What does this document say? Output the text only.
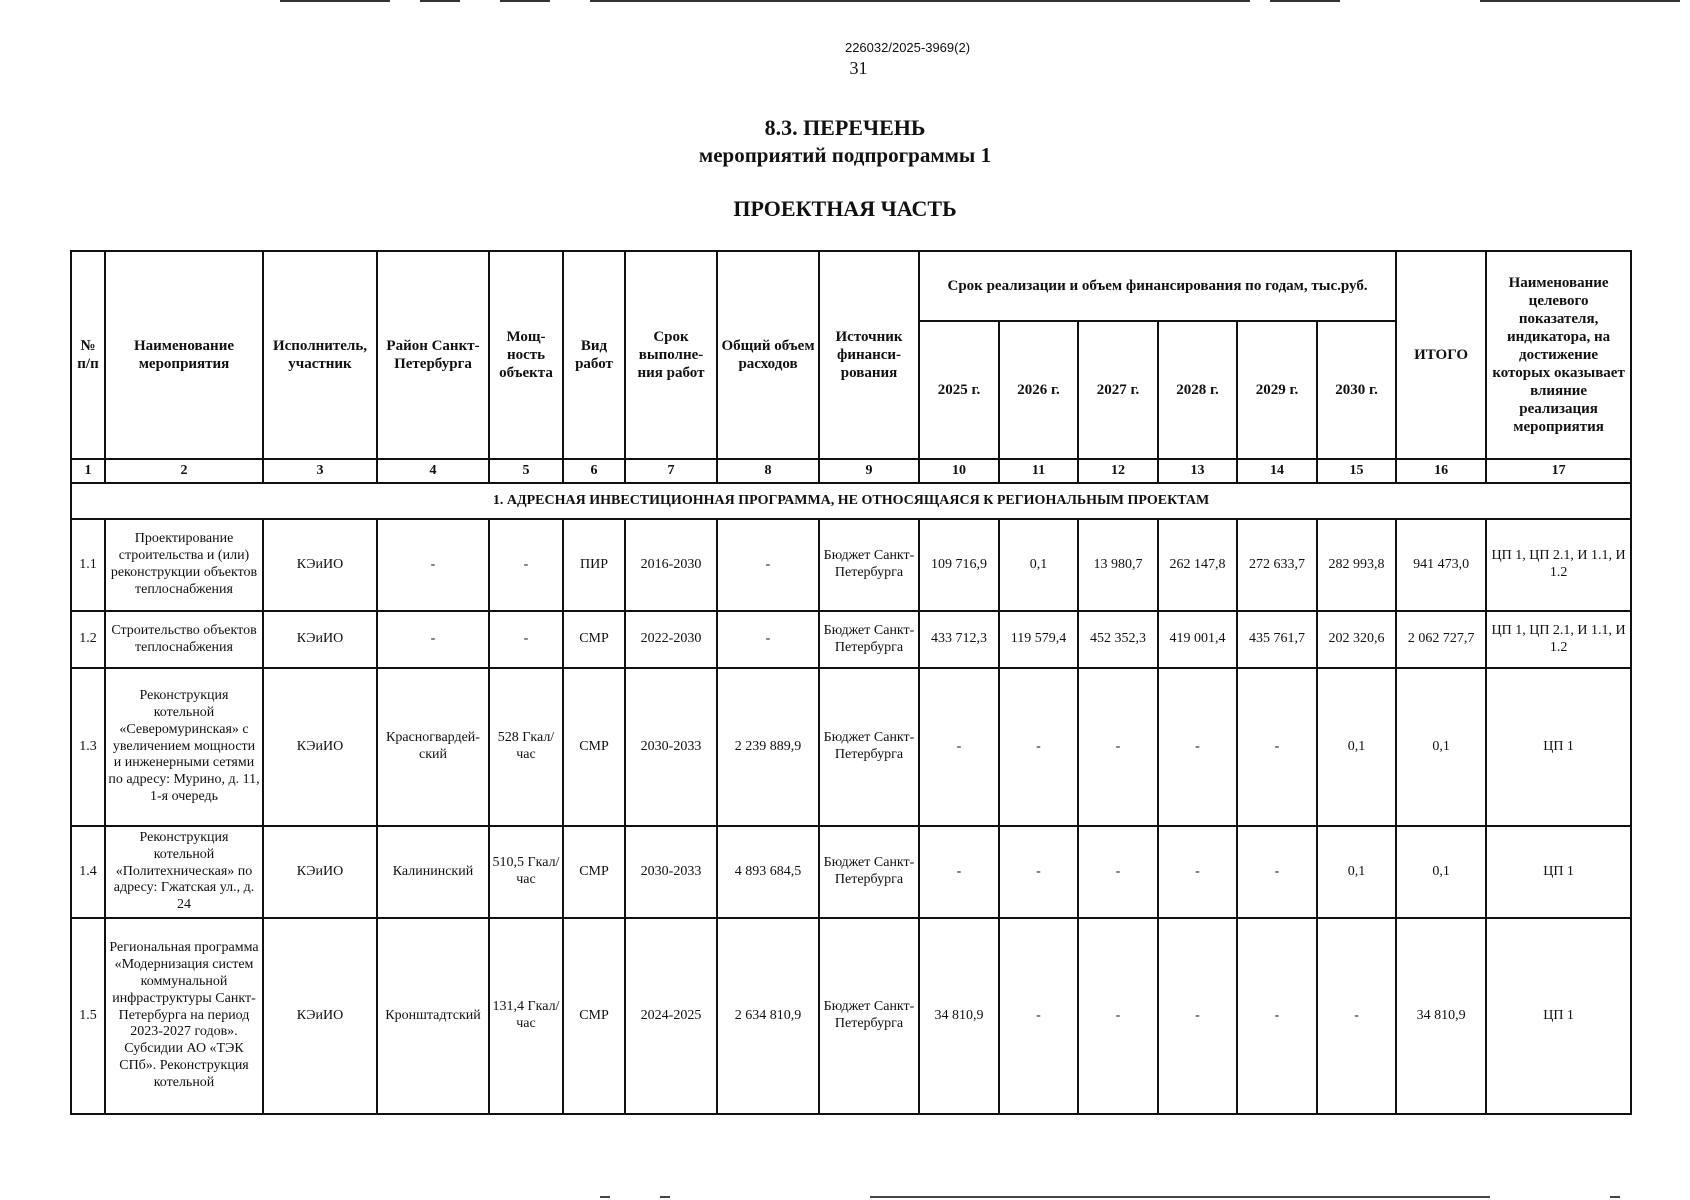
226032/2025-3969(2)
31
8.3. ПЕРЕЧЕНЬ
мероприятий подпрограммы 1
ПРОЕКТНАЯ ЧАСТЬ
№ п/п	Наименование мероприятия	Исполнитель, участник	Район Санкт-Петербурга	Мощ-ность объекта	Вид работ	Срок выполне-ния работ	Общий объем расходов	Источник финанси-рования	Срок реализации и объем финансирования по годам, тыс.руб.						ИТОГО	Наименование целевого показателя, индикатора, на достижение которых оказывает влияние реализация мероприятия
									2025 г.	2026 г.	2027 г.	2028 г.	2029 г.	2030 г.		
1	2	3	4	5	6	7	8	9	10	11	12	13	14	15	16	17
1. АДРЕСНАЯ ИНВЕСТИЦИОННАЯ ПРОГРАММА, НЕ ОТНОСЯЩАЯСЯ К РЕГИОНАЛЬНЫМ ПРОЕКТАМ																
1.1	Проектирование строительства и (или) реконструкции объектов теплоснабжения	КЭиИО	-	-	ПИР	2016-2030	-	Бюджет Санкт-Петербурга	109 716,9	0,1	13 980,7	262 147,8	272 633,7	282 993,8	941 473,0	ЦП 1, ЦП 2.1, И 1.1, И 1.2
1.2	Строительство объектов теплоснабжения	КЭиИО	-	-	СМР	2022-2030	-	Бюджет Санкт-Петербурга	433 712,3	119 579,4	452 352,3	419 001,4	435 761,7	202 320,6	2 062 727,7	ЦП 1, ЦП 2.1, И 1.1, И 1.2
1.3	Реконструкция котельной «Северомуринская» с увеличением мощности и инженерными сетями по адресу: Мурино, д. 11, 1-я очередь	КЭиИО	Красногвардей-ский	528 Гкал/час	СМР	2030-2033	2 239 889,9	Бюджет Санкт-Петербурга	-	-	-	-	-	0,1	0,1	ЦП 1
1.4	Реконструкция котельной «Политехническая» по адресу: Гжатская ул., д. 24	КЭиИО	Калининский	510,5 Гкал/час	СМР	2030-2033	4 893 684,5	Бюджет Санкт-Петербурга	-	-	-	-	-	0,1	0,1	ЦП 1
1.5	Региональная программа «Модернизация систем коммунальной инфраструктуры Санкт-Петербурга на период 2023-2027 годов». Субсидии АО «ТЭК СПб». Реконструкция котельной	КЭиИО	Кронштадтский	131,4 Гкал/час	СМР	2024-2025	2 634 810,9	Бюджет Санкт-Петербурга	34 810,9	-	-	-	-	-	34 810,9	ЦП 1
